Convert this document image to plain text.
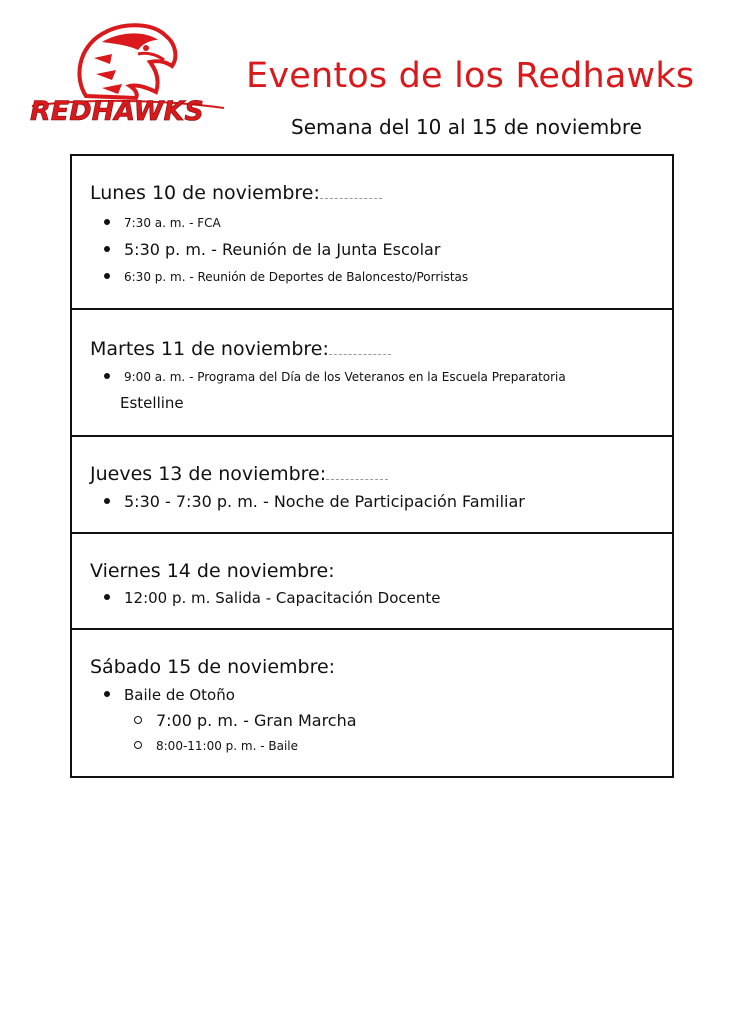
REDHAWKS
Eventos de los Redhawks
Semana del 10 al 15 de noviembre
Lunes 10 de noviembre:
7:30 a. m. - FCA
5:30 p. m. - Reunión de la Junta Escolar
6:30 p. m. - Reunión de Deportes de Baloncesto/Porristas
Martes 11 de noviembre:
9:00 a. m. - Programa del Día de los Veteranos en la Escuela Preparatoria
Estelline
Jueves 13 de noviembre:
5:30 - 7:30 p. m. - Noche de Participación Familiar
Viernes 14 de noviembre:
12:00 p. m. Salida - Capacitación Docente
Sábado 15 de noviembre:
Baile de Otoño
7:00 p. m. - Gran Marcha
8:00-11:00 p. m. - Baile
